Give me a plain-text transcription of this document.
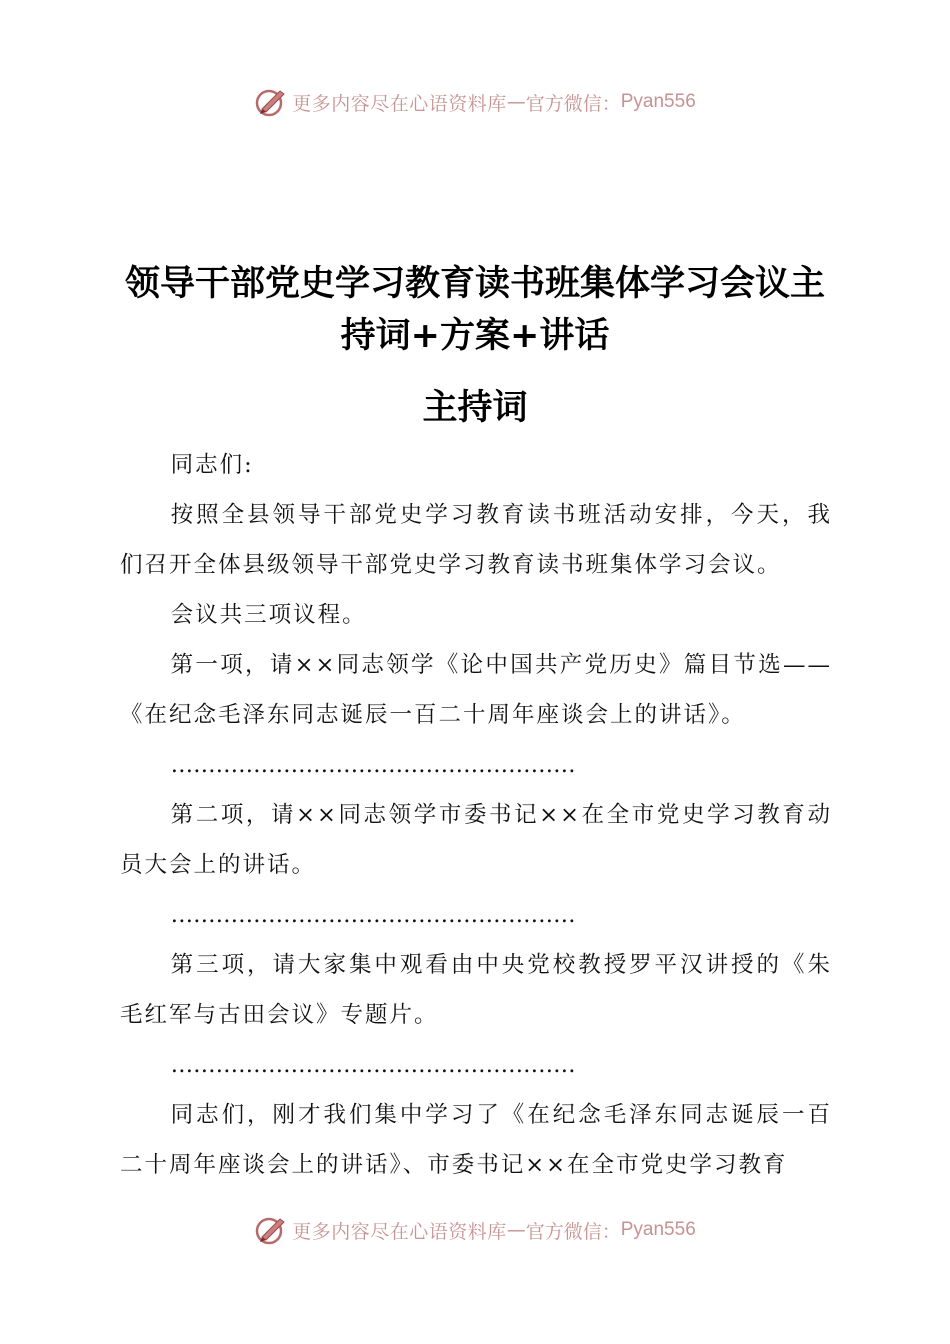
更多内容尽在心语资料库 — 官方微信： Pyan556
领导干部党史学习教育读书班集体学习会议主持词+方案+讲话
主持词

同志们:

按照全县领导干部党史学习教育读书班活动安排，今天，我们召开全体县级领导干部党史学习教育读书班集体学习会议。

会议共三项议程。

第一项，请××同志领学《论中国共产党历史》篇目节选——《在纪念毛泽东同志诞辰一百二十周年座谈会上的讲话》。

………………………………………………

第二项，请××同志领学市委书记××在全市党史学习教育动员大会上的讲话。

………………………………………………

第三项，请大家集中观看由中央党校教授罗平汉讲授的《朱毛红军与古田会议》专题片。

………………………………………………

同志们，刚才我们集中学习了《在纪念毛泽东同志诞辰一百二十周年座谈会上的讲话》、市委书记××在全市党史学习教育

更多内容尽在心语资料库 — 官方微信： Pyan556
